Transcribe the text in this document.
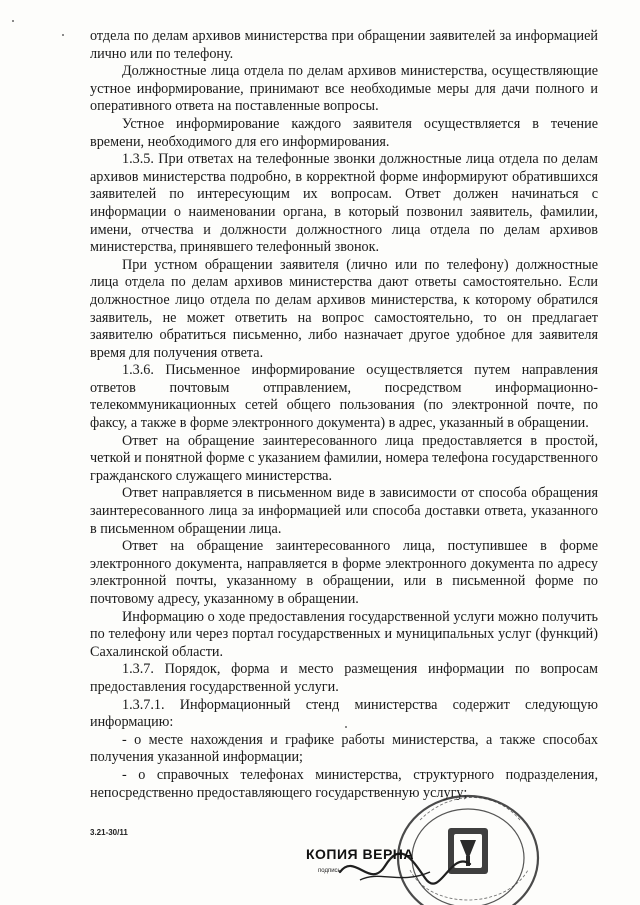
отдела по делам архивов министерства при обращении заявителей за информацией лично или по телефону.

Должностные лица отдела по делам архивов министерства, осуществляющие устное информирование, принимают все необходимые меры для дачи полного и оперативного ответа на поставленные вопросы.

Устное информирование каждого заявителя осуществляется в течение времени, необходимого для его информирования.

1.3.5. При ответах на телефонные звонки должностные лица отдела по делам архивов министерства подробно, в корректной форме информируют обратившихся заявителей по интересующим их вопросам. Ответ должен начинаться с информации о наименовании органа, в который позвонил заявитель, фамилии, имени, отчества и должности должностного лица отдела по делам архивов министерства, принявшего телефонный звонок.

При устном обращении заявителя (лично или по телефону) должностные лица отдела по делам архивов министерства дают ответы самостоятельно. Если должностное лицо отдела по делам архивов министерства, к которому обратился заявитель, не может ответить на вопрос самостоятельно, то он предлагает заявителю обратиться письменно, либо назначает другое удобное для заявителя время для получения ответа.

1.3.6. Письменное информирование осуществляется путем направления ответов почтовым отправлением, посредством информационно-телекоммуникационных сетей общего пользования (по электронной почте, по факсу, а также в форме электронного документа) в адрес, указанный в обращении.

Ответ на обращение заинтересованного лица предоставляется в простой, четкой и понятной форме с указанием фамилии, номера телефона государственного гражданского служащего министерства.

Ответ направляется в письменном виде в зависимости от способа обращения заинтересованного лица за информацией или способа доставки ответа, указанного в письменном обращении лица.

Ответ на обращение заинтересованного лица, поступившее в форме электронного документа, направляется в форме электронного документа по адресу электронной почты, указанному в обращении, или в письменной форме по почтовому адресу, указанному в обращении.

Информацию о ходе предоставления государственной услуги можно получить по телефону или через портал государственных и муниципальных услуг (функций) Сахалинской области.

1.3.7. Порядок, форма и место размещения информации по вопросам предоставления государственной услуги.

1.3.7.1. Информационный стенд министерства содержит следующую информацию:

- о месте нахождения и графике работы министерства, а также способах получения указанной информации;

- о справочных телефонах министерства, структурного подразделения, непосредственно предоставляющего государственную услугу;

3.21-30/11
КОПИЯ ВЕРНА
подпись
